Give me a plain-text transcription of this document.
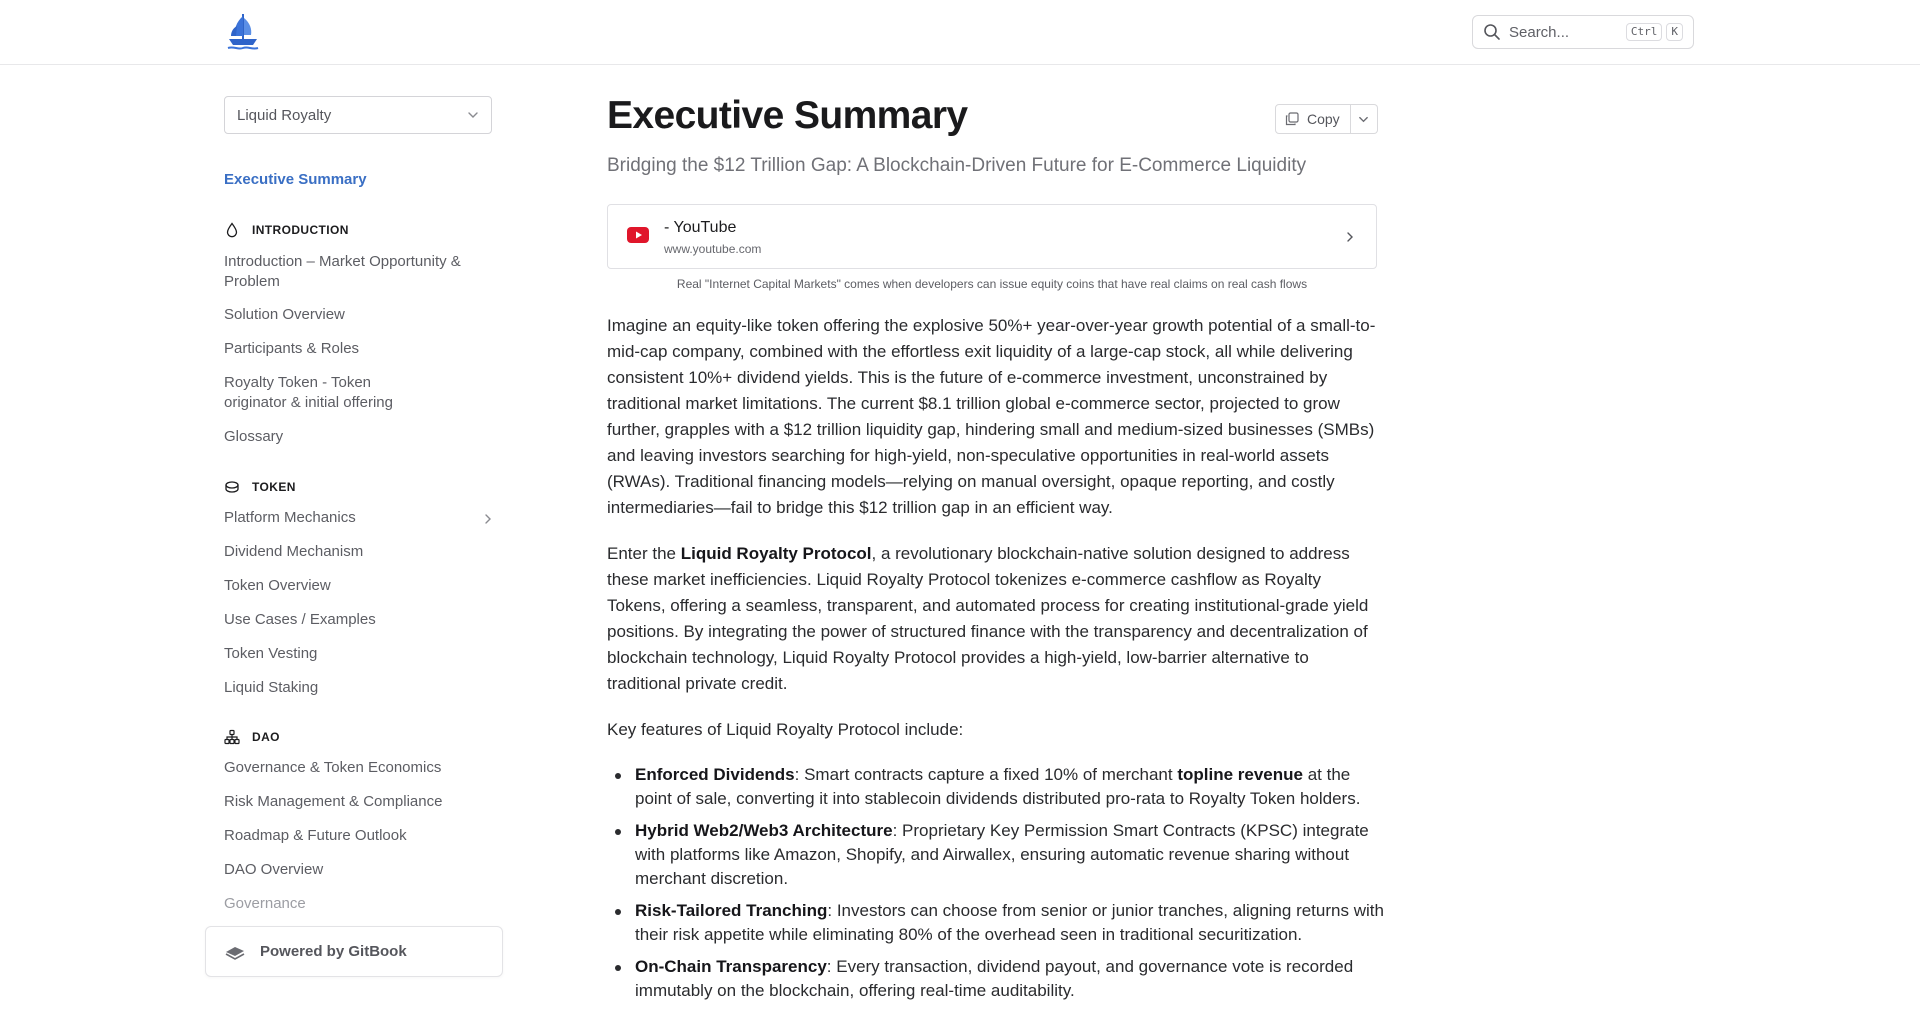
Search...	Ctrl	K
Liquid Royalty
Executive Summary
INTRODUCTION
Introduction – Market Opportunity & Problem
Solution Overview
Participants & Roles
Royalty Token - Token originator & initial offering
Glossary
TOKEN
Platform Mechanics
Dividend Mechanism
Token Overview
Use Cases / Examples
Token Vesting
Liquid Staking
DAO
Governance & Token Economics
Risk Management & Compliance
Roadmap & Future Outlook
DAO Overview
Governance
Powered by GitBook
Executive Summary	Copy
Bridging the $12 Trillion Gap: A Blockchain-Driven Future for E-Commerce Liquidity
- YouTube
www.youtube.com
Real "Internet Capital Markets" comes when developers can issue equity coins that have real claims on real cash flows

Imagine an equity-like token offering the explosive 50%+ year-over-year growth potential of a small-to-mid-cap company, combined with the effortless exit liquidity of a large-cap stock, all while delivering consistent 10%+ dividend yields. This is the future of e-commerce investment, unconstrained by traditional market limitations. The current $8.1 trillion global e-commerce sector, projected to grow further, grapples with a $12 trillion liquidity gap, hindering small and medium-sized businesses (SMBs) and leaving investors searching for high-yield, non-speculative opportunities in real-world assets (RWAs). Traditional financing models—relying on manual oversight, opaque reporting, and costly intermediaries—fail to bridge this $12 trillion gap in an efficient way.

Enter the Liquid Royalty Protocol, a revolutionary blockchain-native solution designed to address these market inefficiencies. Liquid Royalty Protocol tokenizes e-commerce cashflow as Royalty Tokens, offering a seamless, transparent, and automated process for creating institutional-grade yield positions. By integrating the power of structured finance with the transparency and decentralization of blockchain technology, Liquid Royalty Protocol provides a high-yield, low-barrier alternative to traditional private credit.

Key features of Liquid Royalty Protocol include:

Enforced Dividends: Smart contracts capture a fixed 10% of merchant topline revenue at the point of sale, converting it into stablecoin dividends distributed pro-rata to Royalty Token holders.
Hybrid Web2/Web3 Architecture: Proprietary Key Permission Smart Contracts (KPSC) integrate with platforms like Amazon, Shopify, and Airwallex, ensuring automatic revenue sharing without merchant discretion.
Risk-Tailored Tranching: Investors can choose from senior or junior tranches, aligning returns with their risk appetite while eliminating 80% of the overhead seen in traditional securitization.
On-Chain Transparency: Every transaction, dividend payout, and governance vote is recorded immutably on the blockchain, offering real-time auditability.
